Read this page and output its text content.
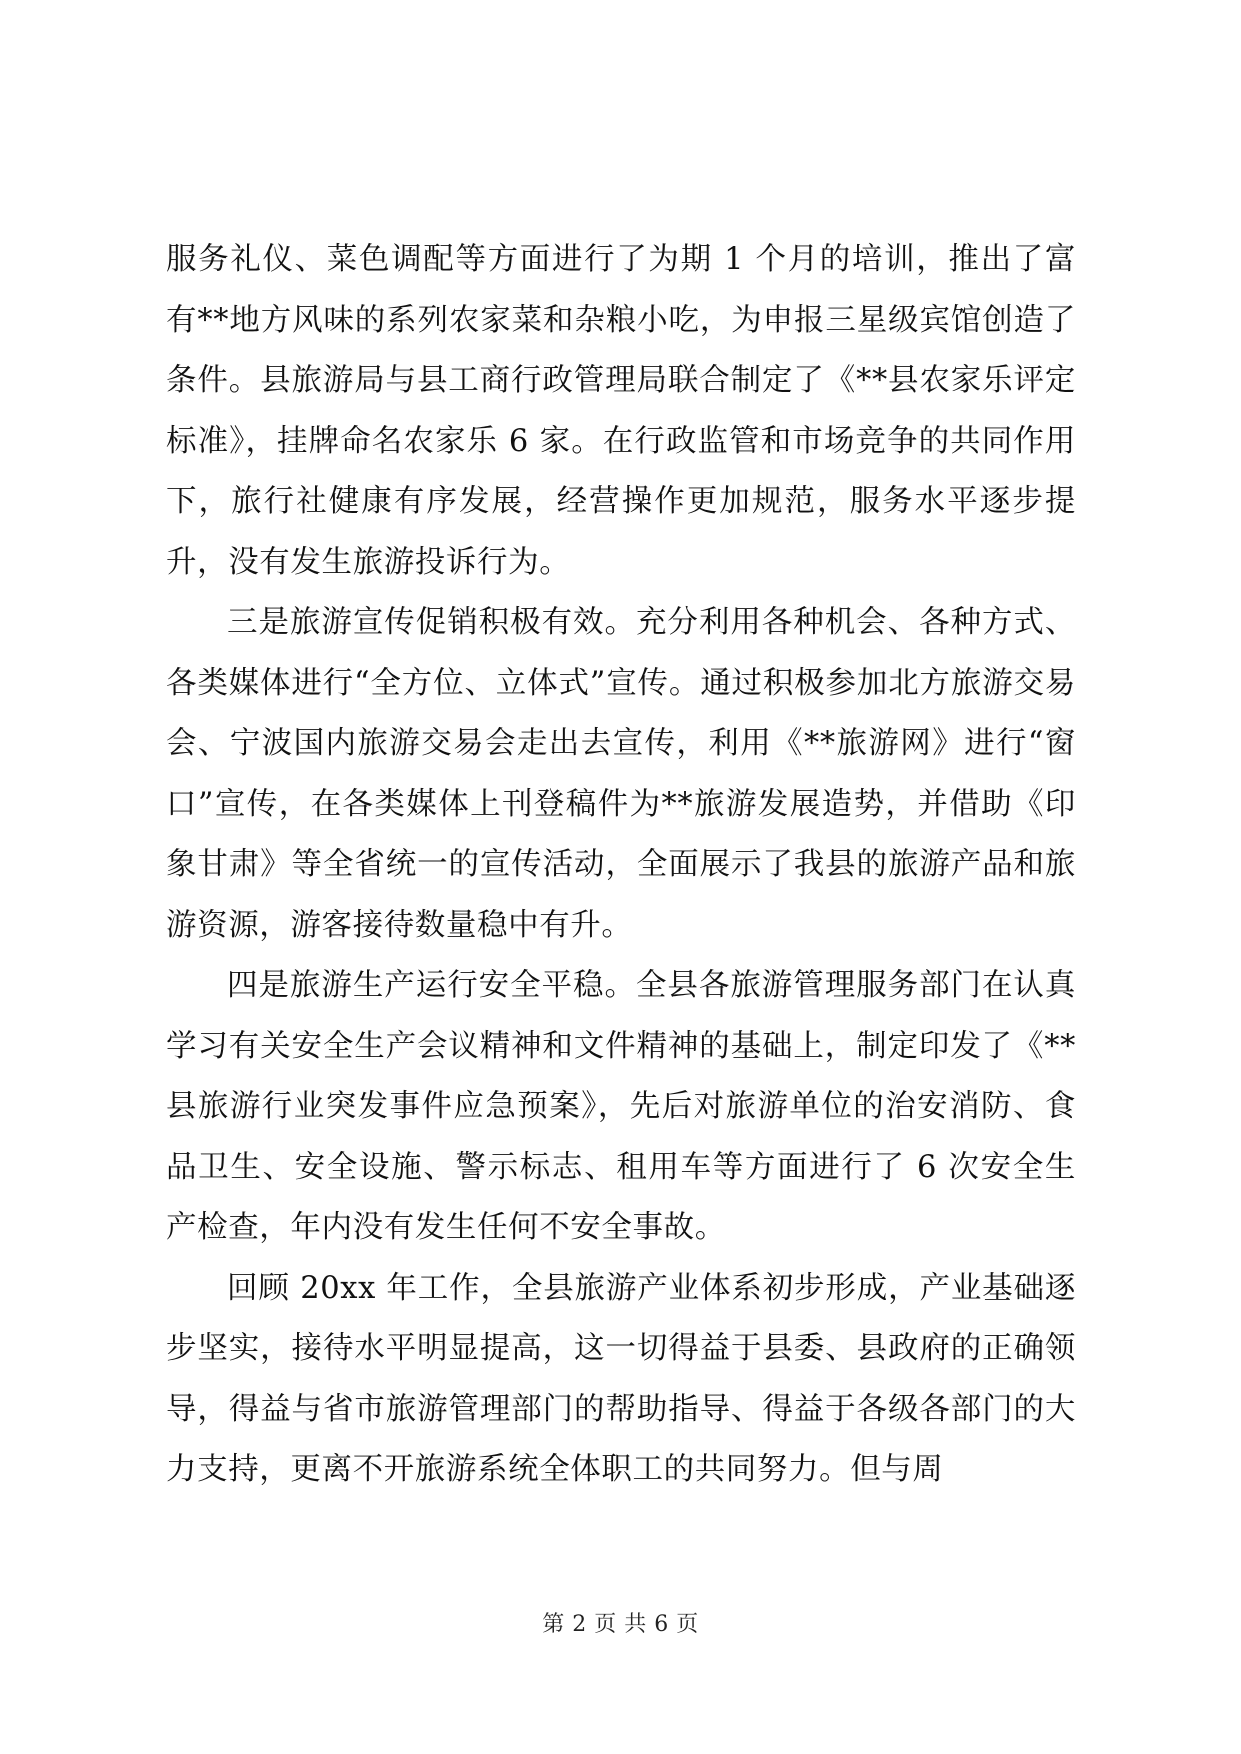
服务礼仪、菜色调配等方面进行了为期 1 个月的培训，推出了富有**地方风味的系列农家菜和杂粮小吃，为申报三星级宾馆创造了条件。县旅游局与县工商行政管理局联合制定了《**县农家乐评定标准》，挂牌命名农家乐 6 家。在行政监管和市场竞争的共同作用下，旅行社健康有序发展，经营操作更加规范，服务水平逐步提升，没有发生旅游投诉行为。

三是旅游宣传促销积极有效。充分利用各种机会、各种方式、各类媒体进行“全方位、立体式”宣传。通过积极参加北方旅游交易会、宁波国内旅游交易会走出去宣传，利用《**旅游网》进行“窗口”宣传，在各类媒体上刊登稿件为**旅游发展造势，并借助《印象甘肃》等全省统一的宣传活动，全面展示了我县的旅游产品和旅游资源，游客接待数量稳中有升。

四是旅游生产运行安全平稳。全县各旅游管理服务部门在认真学习有关安全生产会议精神和文件精神的基础上，制定印发了《**县旅游行业突发事件应急预案》，先后对旅游单位的治安消防、食品卫生、安全设施、警示标志、租用车等方面进行了 6 次安全生产检查，年内没有发生任何不安全事故。

回顾 20xx 年工作，全县旅游产业体系初步形成，产业基础逐步坚实，接待水平明显提高，这一切得益于县委、县政府的正确领导，得益与省市旅游管理部门的帮助指导、得益于各级各部门的大力支持，更离不开旅游系统全体职工的共同努力。但与周

第 2 页 共 6 页
